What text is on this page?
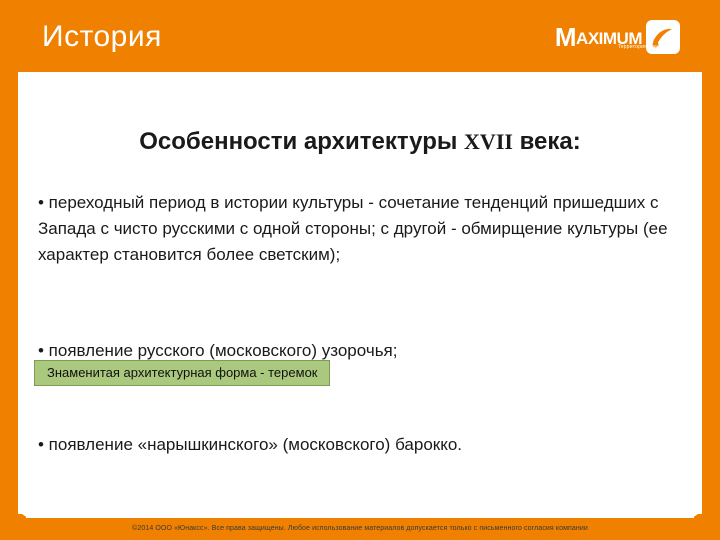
История	MAXIMUM
Территория знаний
Особенности архитектуры XVII века:
• переходный период в истории культуры - сочетание тенденций пришедших с Запада с чисто русскими с одной стороны; с другой - обмирщение культуры (ее характер становится более светским);
• появление русского (московского) узорочья;
• появление «нарышкинского» (московского) барокко.
Знаменитая архитектурная форма - теремок
©2014 ООО «Юнаксс». Все права защищены. Любое использование материалов допускается только с письменного согласия компании
